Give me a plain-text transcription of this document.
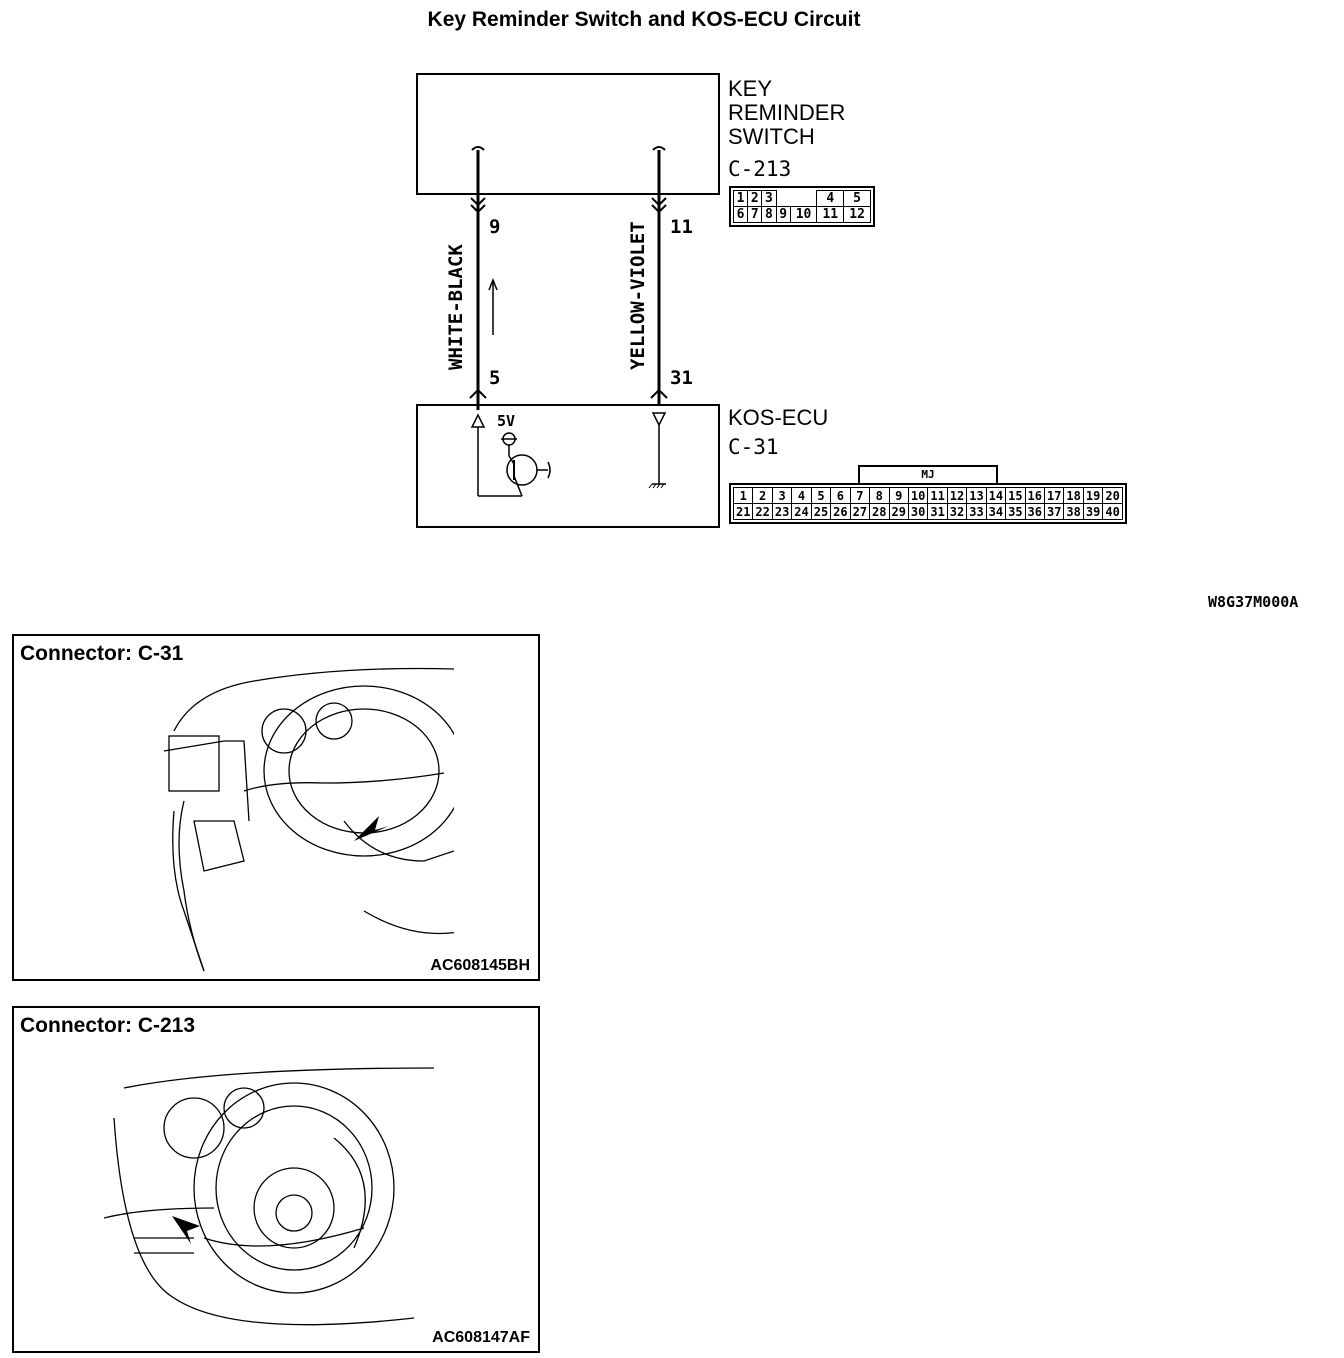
Key Reminder Switch and KOS-ECU Circuit
9
5
11
31
WHITE-BLACK	YELLOW-VIOLET
KEY
REMINDER
SWITCH
C-213
1	2	3			4	5
6	7	8	9	10	11	12
KOS-ECU
C-31
5V
MJ
1	2	3	4	5	6	7	8	9	10	11	12	13	14	15	16	17	18	19	20
21	22	23	24	25	26	27	28	29	30	31	32	33	34	35	36	37	38	39	40
W8G37M000A
Connector: C-31
AC608145BH
Connector: C-213
AC608147AF
